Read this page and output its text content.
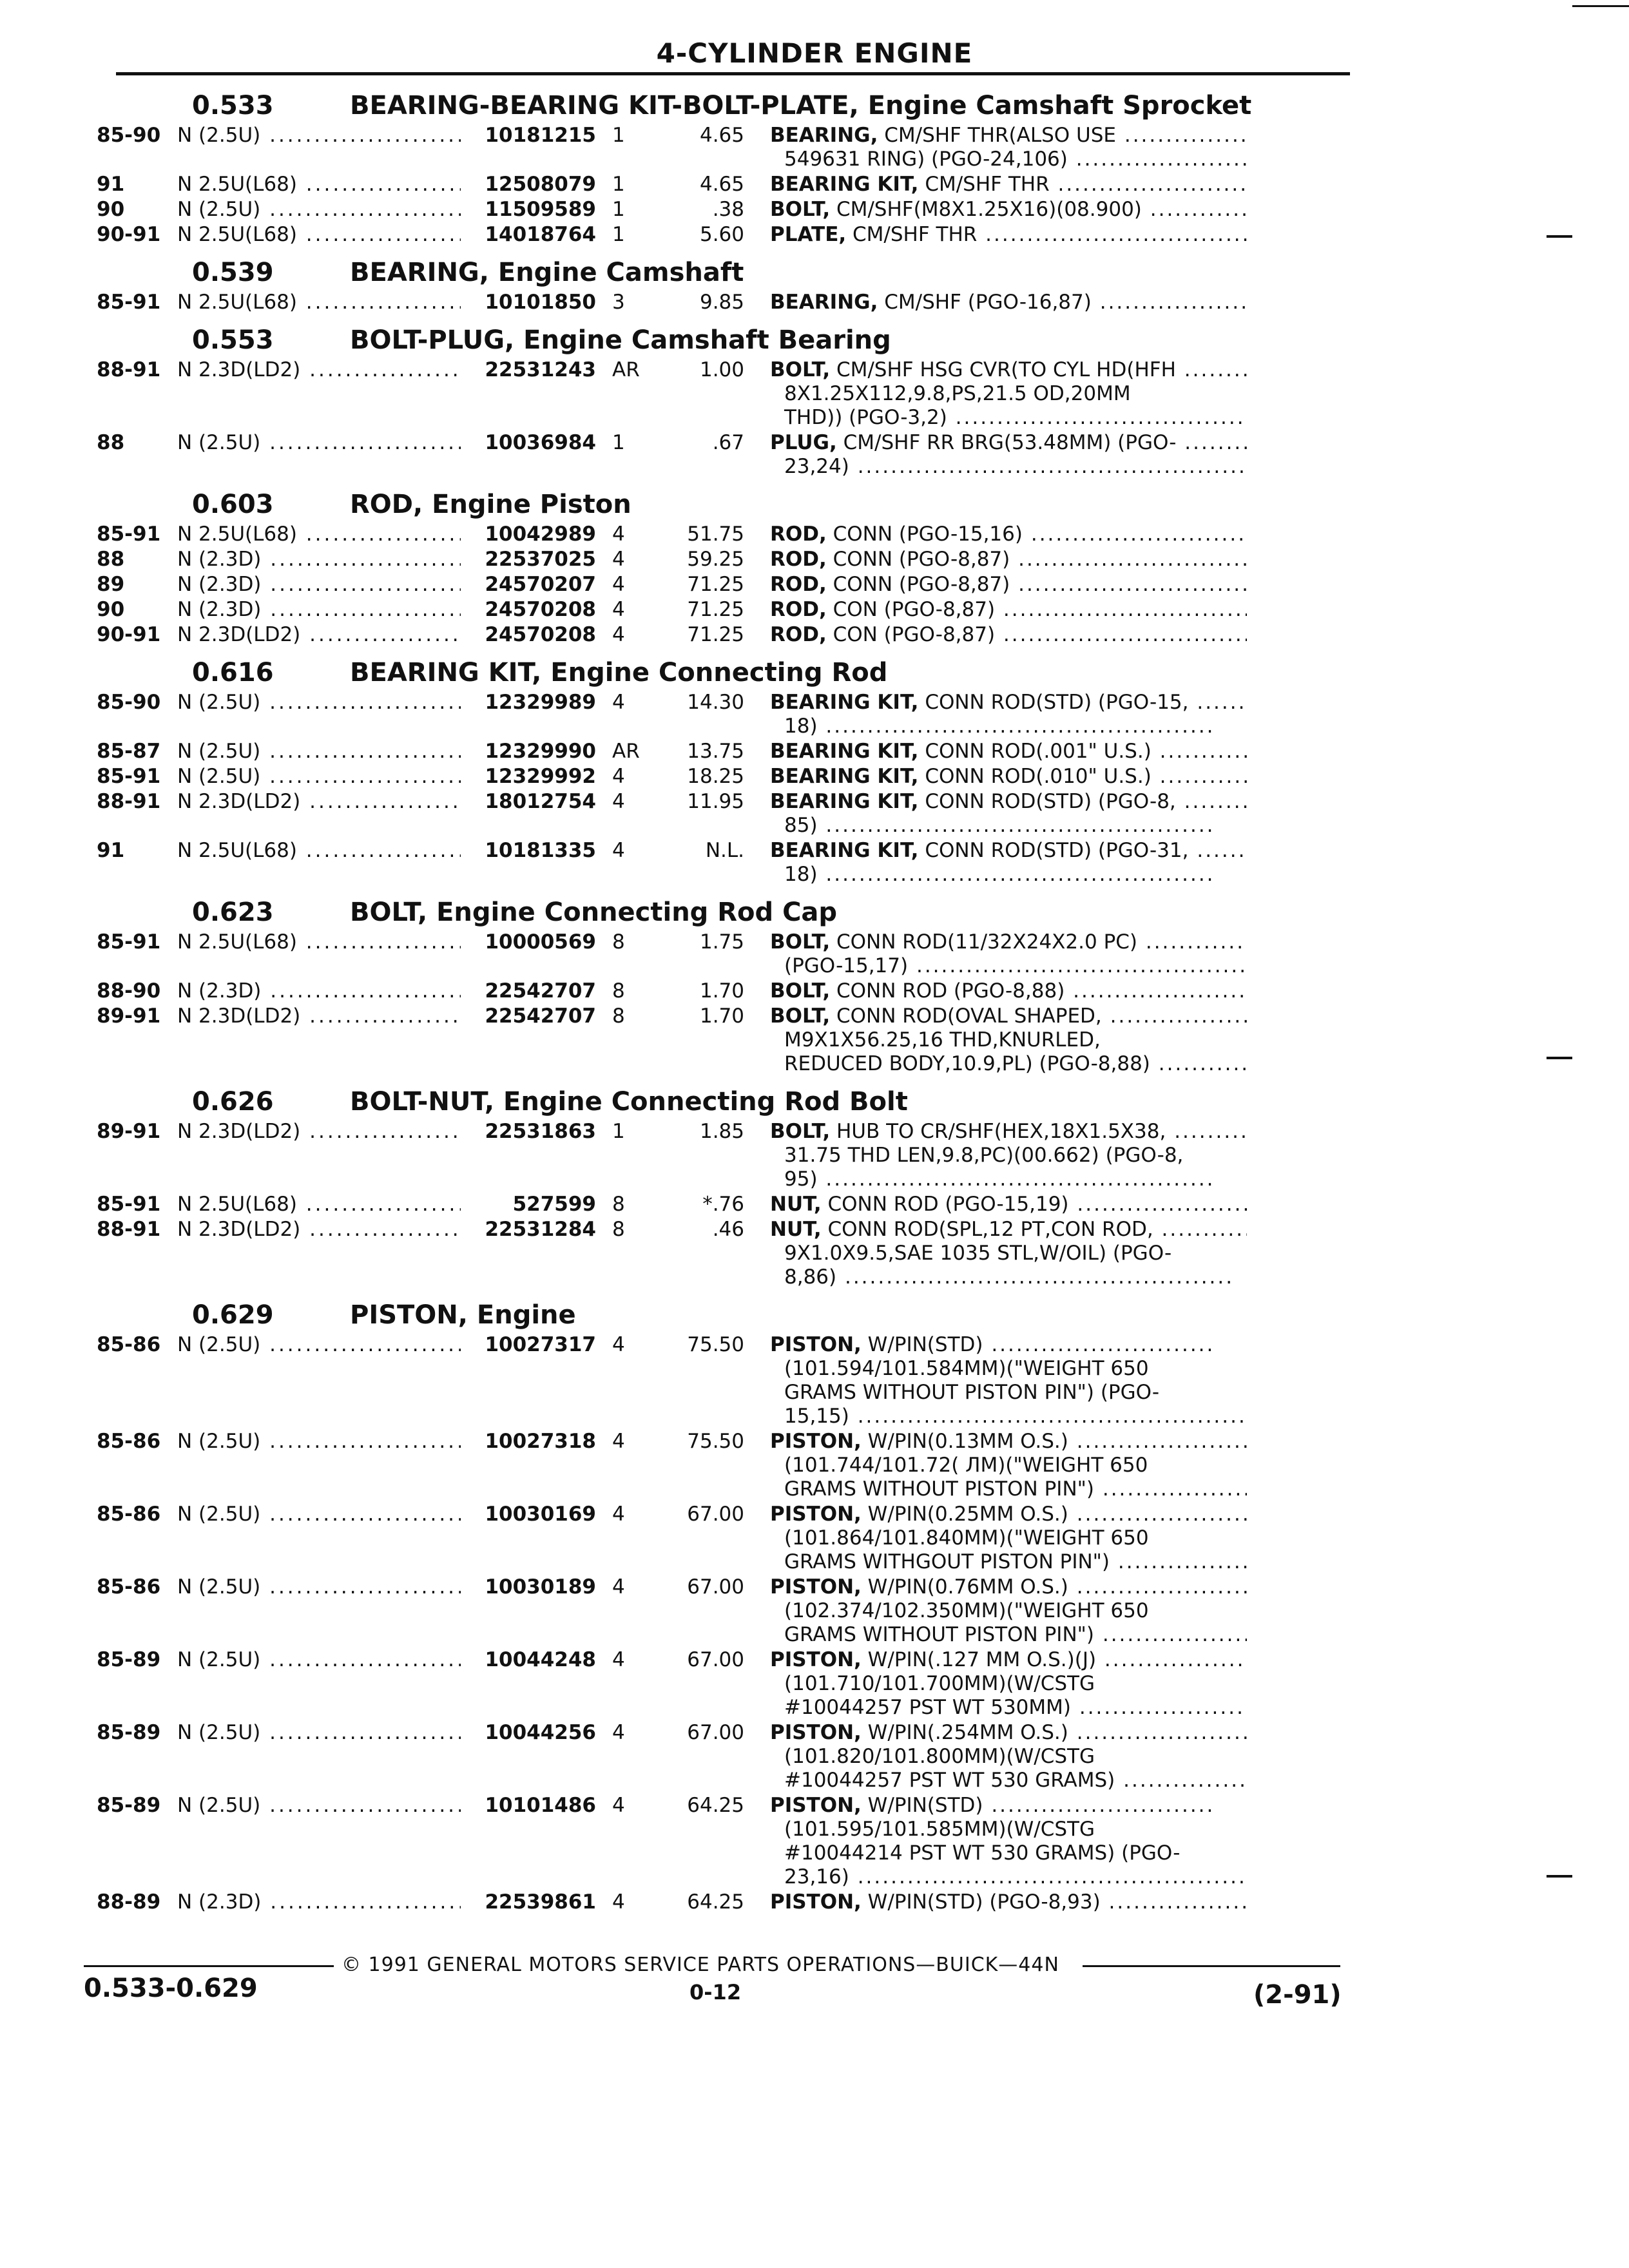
4-CYLINDER ENGINE
0.533	BEARING-BEARING KIT-BOLT-PLATE, Engine Camshaft Sprocket
85-90 N (2.5U) .....	10181215 1	4.65	BEARING, CM/SHF THR(ALSO USE .....
549631 RING) (PGO-24,106) .....
91	N 2.5U(L68) .....	12508079 1	4.65	BEARING KIT, CM/SHF THR .....
90	N (2.5U) .....	11509589 1	.38	BOLT, CM/SHF(M8X1.25X16)(08.900) .....
90-91 N 2.5U(L68) .....	14018764 1	5.60	PLATE, CM/SHF THR .....
0.539	BEARING, Engine Camshaft
85-91 N 2.5U(L68) .....	10101850 3	9.85	BEARING, CM/SHF (PGO-16,87) .....
0.553	BOLT-PLUG, Engine Camshaft Bearing
88-91 N 2.3D(LD2) .....	22531243 AR	1.00	BOLT, CM/SHF HSG CVR(TO CYL HD(HFH .....
8X1.25X112,9.8,PS,21.5 OD,20MM
THD)) (PGO-3,2) .....
88	N (2.5U) .....	10036984 1	.67	PLUG, CM/SHF RR BRG(53.48MM) (PGO- .....
23,24) .....
0.603	ROD, Engine Piston
85-91 N 2.5U(L68) .....	10042989 4	51.75	ROD, CONN (PGO-15,16) .....
88	N (2.3D) .....	22537025 4	59.25	ROD, CONN (PGO-8,87) .....
89	N (2.3D) .....	24570207 4	71.25	ROD, CONN (PGO-8,87) .....
90	N (2.3D) .....	24570208 4	71.25	ROD, CON (PGO-8,87) .....
90-91 N 2.3D(LD2) .....	24570208 4	71.25	ROD, CON (PGO-8,87) .....
0.616	BEARING KIT, Engine Connecting Rod
85-90 N (2.5U) .....	12329989 4	14.30	BEARING KIT, CONN ROD(STD) (PGO-15, .....
18) .....
85-87 N (2.5U) .....	12329990 AR	13.75	BEARING KIT, CONN ROD(.001" U.S.) .....
85-91 N (2.5U) .....	12329992 4	18.25	BEARING KIT, CONN ROD(.010" U.S.) .....
88-91 N 2.3D(LD2) .....	18012754 4	11.95	BEARING KIT, CONN ROD(STD) (PGO-8, .....
85) .....
91	N 2.5U(L68) .....	10181335 4	N.L.	BEARING KIT, CONN ROD(STD) (PGO-31, .....
18) .....
0.623	BOLT, Engine Connecting Rod Cap
85-91 N 2.5U(L68) .....	10000569 8	1.75	BOLT, CONN ROD(11/32X24X2.0 PC) .....
(PGO-15,17) .....
88-90 N (2.3D) .....	22542707 8	1.70	BOLT, CONN ROD (PGO-8,88) .....
89-91 N 2.3D(LD2) .....	22542707 8	1.70	BOLT, CONN ROD(OVAL SHAPED, .....
M9X1X56.25,16 THD,KNURLED,
REDUCED BODY,10.9,PL) (PGO-8,88) .....
0.626	BOLT-NUT, Engine Connecting Rod Bolt
89-91 N 2.3D(LD2) .....	22531863 1	1.85	BOLT, HUB TO CR/SHF(HEX,18X1.5X38, .....
31.75 THD LEN,9.8,PC)(00.662) (PGO-8,
95) .....
85-91 N 2.5U(L68) .....	527599 8	*.76	NUT, CONN ROD (PGO-15,19) .....
88-91 N 2.3D(LD2) .....	22531284 8	.46	NUT, CONN ROD(SPL,12 PT,CON ROD, .....
9X1.0X9.5,SAE 1035 STL,W/OIL) (PGO-
8,86) .....
0.629	PISTON, Engine
85-86 N (2.5U) .....	10027317 4	75.50	PISTON, W/PIN(STD) .....
(101.594/101.584MM)("WEIGHT 650
GRAMS WITHOUT PISTON PIN") (PGO-
15,15) .....
85-86 N (2.5U) .....	10027318 4	75.50	PISTON, W/PIN(0.13MM O.S.) .....
(101.744/101.72( ЛМ)("WEIGHT 650
GRAMS WITHOUT PISTON PIN") .....
85-86 N (2.5U) .....	10030169 4	67.00	PISTON, W/PIN(0.25MM O.S.) .....
(101.864/101.840MM)("WEIGHT 650
GRAMS WITHGOUT PISTON PIN") .....
85-86 N (2.5U) .....	10030189 4	67.00	PISTON, W/PIN(0.76MM O.S.) .....
(102.374/102.350MM)("WEIGHT 650
GRAMS WITHOUT PISTON PIN") .....
85-89 N (2.5U) .....	10044248 4	67.00	PISTON, W/PIN(.127 MM O.S.)(J) .....
(101.710/101.700MM)(W/CSTG
#10044257 PST WT 530MM) .....
85-89 N (2.5U) .....	10044256 4	67.00	PISTON, W/PIN(.254MM O.S.) .....
(101.820/101.800MM)(W/CSTG
#10044257 PST WT 530 GRAMS) .....
85-89 N (2.5U) .....	10101486 4	64.25	PISTON, W/PIN(STD) .....
(101.595/101.585MM)(W/CSTG
#10044214 PST WT 530 GRAMS) (PGO-
23,16) .....
88-89 N (2.3D) .....	22539861 4	64.25	PISTON, W/PIN(STD) (PGO-8,93) .....
© 1991 GENERAL MOTORS SERVICE PARTS OPERATIONS—BUICK—44N
0.533-0.629	0-12	(2-91)
